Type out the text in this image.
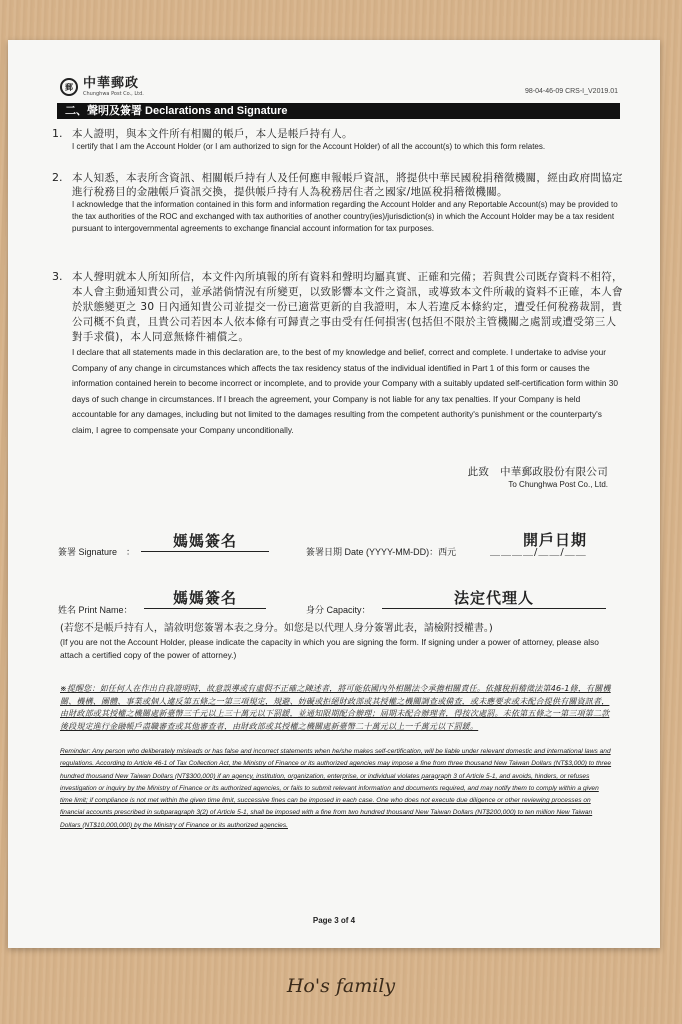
郵 中華郵政
Chunghwa Post Co., Ltd.	98-04-46-09 CRS-I_V2019.01
二、聲明及簽署 Declarations and Signature
1. 本人證明，與本文件所有相關的帳戶，本人是帳戶持有人。
I certify that I am the Account Holder (or I am authorized to sign for the Account Holder) of all the account(s) to which this form relates.
2. 本人知悉，本表所含資訊、相關帳戶持有人及任何應申報帳戶資訊，將提供中華民國稅捐稽徵機關，經由政府間協定進行稅務目的金融帳戶資訊交換，提供帳戶持有人為稅務居住者之國家/地區稅捐稽徵機關。
I acknowledge that the information contained in this form and information regarding the Account Holder and any Reportable Account(s) may be provided to the tax authorities of the ROC and exchanged with tax authorities of another country(ies)/jurisdiction(s) in which the Account Holder may be a tax resident pursuant to intergovernmental agreements to exchange financial account information for tax purposes.
3. 本人聲明就本人所知所信，本文件內所填報的所有資料和聲明均屬真實、正確和完備；若與貴公司既存資料不相符，本人會主動通知貴公司，並承諾倘情況有所變更，以致影響本文件之資訊，或導致本文件所載的資料不正確，本人會於狀態變更之 30 日內通知貴公司並提交一份已適當更新的自我證明，本人若違反本條約定，遭受任何稅務裁罰，貴公司概不負責，且貴公司若因本人依本條有可歸責之事由受有任何損害(包括但不限於主管機關之處罰或遭受第三人對手求償)，本人同意無條件補償之。
I declare that all statements made in this declaration are, to the best of my knowledge and belief, correct and complete. I undertake to advise your Company of any change in circumstances which affects the tax residency status of the individual identified in Part 1 of this form or causes the information contained herein to become incorrect or incomplete, and to provide your Company with a suitably updated self-certification form within 30 days of such change in circumstances. If I breach the agreement, your Company is not liable for any tax penalties. If your Company is held accountable for any damages, including but not limited to the damages resulting from the competent authority's punishment or the counterparty's claim, I agree to compensate your Company unconditionally.
此致　中華郵政股份有限公司
To Chunghwa Post Co., Ltd.
簽署 Signature　：
媽媽簽名
簽署日期 Date (YYYY-MM-DD)：西元	＿＿＿＿/＿＿/＿＿
開戶日期
姓名 Print Name：
媽媽簽名
身分 Capacity：
法定代理人
(若您不是帳戶持有人，請敘明您簽署本表之身分。如您是以代理人身分簽署此表，請檢附授權書。)
(If you are not the Account Holder, please indicate the capacity in which you are signing the form. If signing under a power of attorney, please also attach a certified copy of the power of attorney.)
※提醒您：如任何人在作出自我證明時，故意誤導或有虛假不正確之陳述者，將可能依國內外相關法令承擔相關責任。依據稅捐稽徵法第46-1條，有關機關、機構、團體、事業或個人違反第五條之一第三項規定，規避、妨礙或拒絕財政部或其授權之機關調查或備查，或未應要求或未配合提供有關資訊者，由財政部或其授權之機關處新臺幣三千元以上三十萬元以下罰鍰，並通知限期配合辦理；屆期未配合辦理者，得按次處罰。未依第五條之一第三項第二款後段規定進行金融帳戶盡職審查或其他審查者，由財政部或其授權之機關處新臺幣二十萬元以上一千萬元以下罰鍰。
Reminder: Any person who deliberately misleads or has false and incorrect statements when he/she makes self-certification, will be liable under relevant domestic and international laws and regulations. According to Article 46-1 of Tax Collection Act, the Ministry of Finance or its authorized agencies may impose a fine from three thousand New Taiwan Dollars (NT$3,000) to three hundred thousand New Taiwan Dollars (NT$300,000) if an agency, institution, organization, enterprise, or individual violates paragraph 3 of Article 5-1, and avoids, hinders, or refuses investigation or inquiry by the Ministry of Finance or its authorized agencies, or fails to submit relevant information and documents required, and may notify them to comply within a given time limit; if compliance is not met within the given time limit, successive fines can be imposed in each case. One who does not execute due diligence or other reviewing processes on financial accounts prescribed in subparagraph 3(2) of Article 5-1, shall be imposed with a fine from two hundred thousand New Taiwan Dollars (NT$200,000) to ten million New Taiwan Dollars (NT$10,000,000) by the Ministry of Finance or its authorized agencies.
Page 3 of 4
Ho's family
